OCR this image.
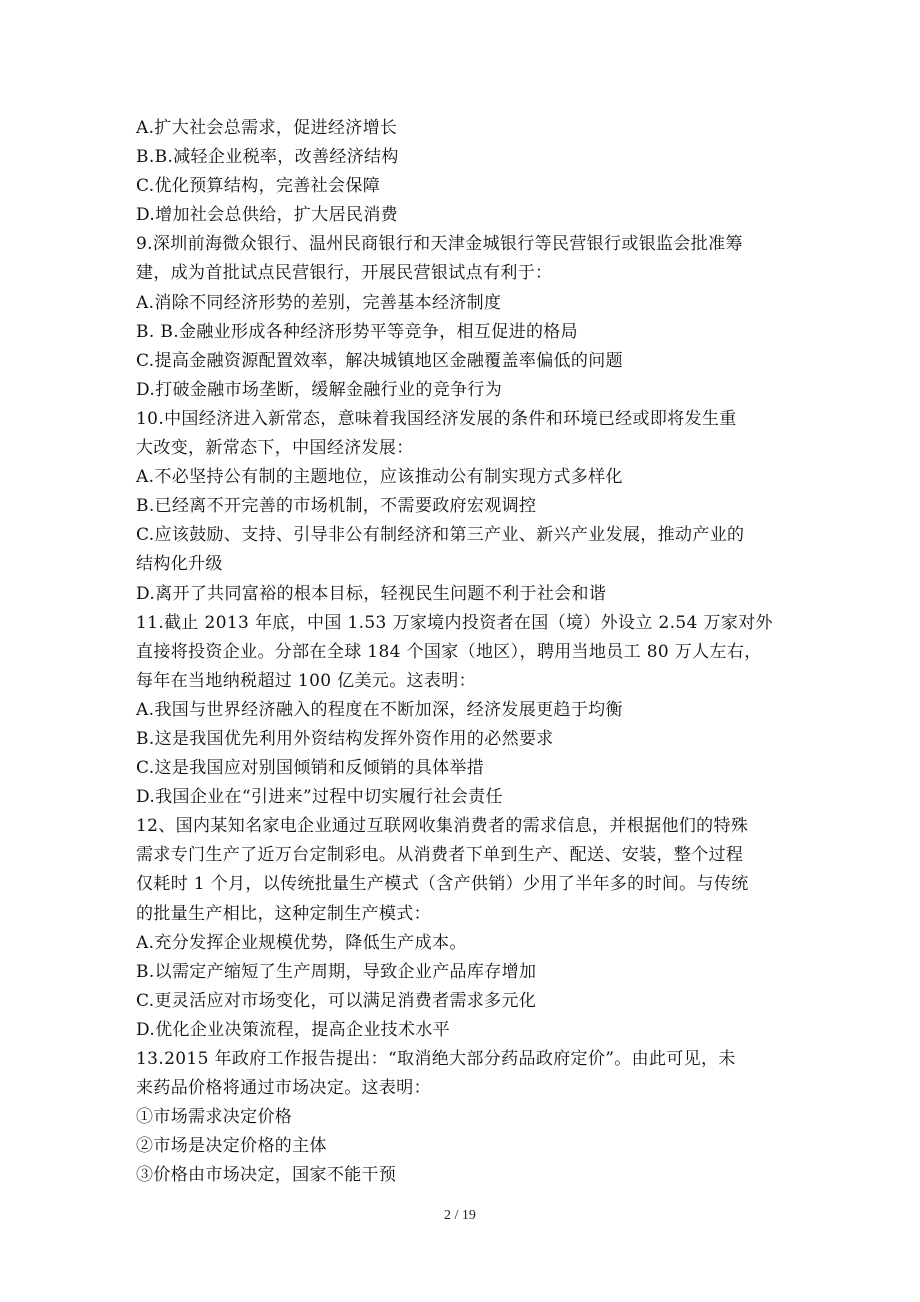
A.扩大社会总需求，促进经济增长
B.B.减轻企业税率，改善经济结构
C.优化预算结构，完善社会保障
D.增加社会总供给，扩大居民消费
9.深圳前海微众银行、温州民商银行和天津金城银行等民营银行或银监会批准筹
建，成为首批试点民营银行，开展民营银试点有利于：
A.消除不同经济形势的差别，完善基本经济制度
B. B.金融业形成各种经济形势平等竞争，相互促进的格局
C.提高金融资源配置效率，解决城镇地区金融覆盖率偏低的问题
D.打破金融市场垄断，缓解金融行业的竞争行为
10.中国经济进入新常态，意味着我国经济发展的条件和环境已经或即将发生重
大改变，新常态下，中国经济发展：
A.不必坚持公有制的主题地位，应该推动公有制实现方式多样化
B.已经离不开完善的市场机制，不需要政府宏观调控
C.应该鼓励、支持、引导非公有制经济和第三产业、新兴产业发展，推动产业的
结构化升级
D.离开了共同富裕的根本目标，轻视民生问题不利于社会和谐
11.截止 2013 年底，中国 1.53 万家境内投资者在国（境）外设立 2.54 万家对外
直接将投资企业。分部在全球 184 个国家（地区），聘用当地员工 80 万人左右，
每年在当地纳税超过 100 亿美元。这表明：
A.我国与世界经济融入的程度在不断加深，经济发展更趋于均衡
B.这是我国优先利用外资结构发挥外资作用的必然要求
C.这是我国应对别国倾销和反倾销的具体举措
D.我国企业在“引进来”过程中切实履行社会责任
12、国内某知名家电企业通过互联网收集消费者的需求信息，并根据他们的特殊
需求专门生产了近万台定制彩电。从消费者下单到生产、配送、安装，整个过程
仅耗时 1 个月，以传统批量生产模式（含产供销）少用了半年多的时间。与传统
的批量生产相比，这种定制生产模式：
A.充分发挥企业规模优势，降低生产成本。
B.以需定产缩短了生产周期，导致企业产品库存增加
C.更灵活应对市场变化，可以满足消费者需求多元化
D.优化企业决策流程，提高企业技术水平
13.2015 年政府工作报告提出：“取消绝大部分药品政府定价”。由此可见，未
来药品价格将通过市场决定。这表明：
①市场需求决定价格
②市场是决定价格的主体
③价格由市场决定，国家不能干预
2 / 19
